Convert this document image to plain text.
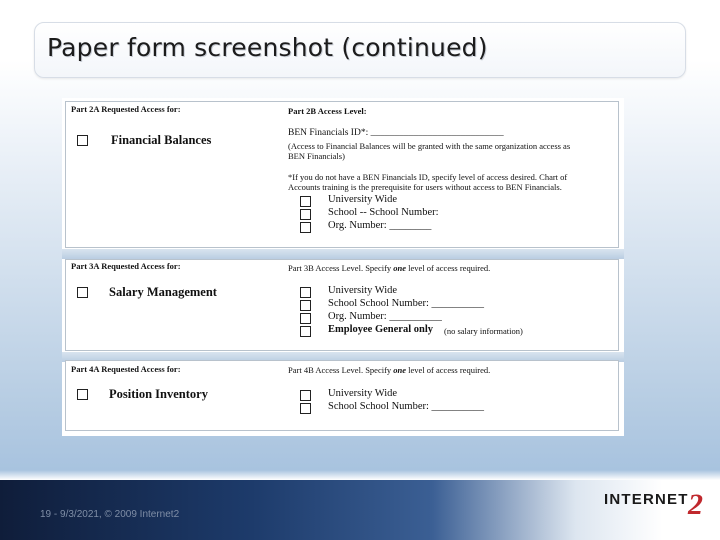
Paper form screenshot (continued)
Part 2A Requested Access for:
Financial Balances
Part 2B Access Level:
BEN Financials ID*: ____________________________
(Access to Financial Balances will be granted with the same organization access as
BEN Financials)
*If you do not have a BEN Financials ID, specify level of access desired. Chart of
Accounts training is the prerequisite for users without access to BEN Financials.
University Wide
School -- School Number:
Org. Number: ________
Part 3A Requested Access for:
Salary Management
Part 3B Access Level. Specify one level of access required.
University Wide
School School Number: __________
Org. Number: __________
Employee General only (no salary information)
Part 4A Requested Access for:
Position Inventory
Part 4B Access Level. Specify one level of access required.
University Wide
School School Number: __________
19 - 9/3/2021, © 2009 Internet2
INTERNET 2
